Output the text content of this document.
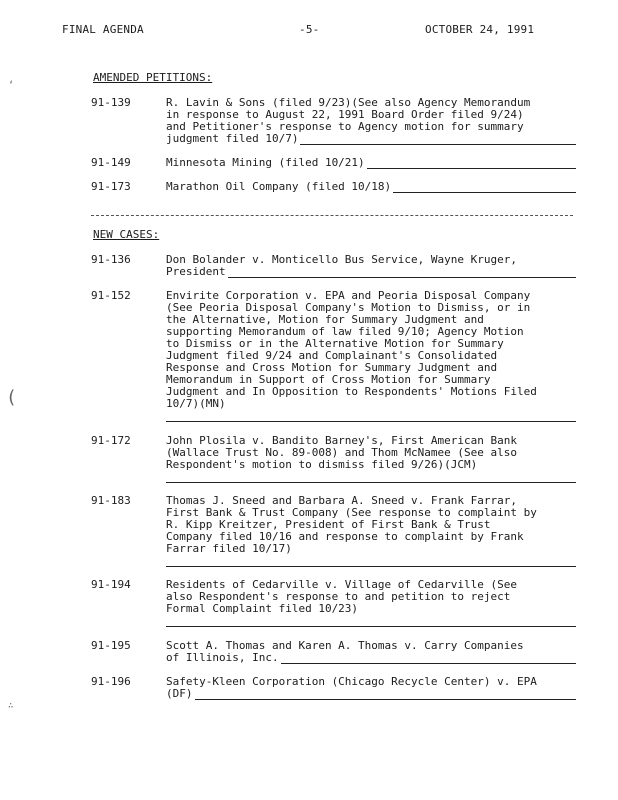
FINAL AGENDA	-5-	OCTOBER 24, 1991
‘
(
∴
AMENDED PETITIONS:
91-139	R. Lavin & Sons (filed 9/23)(See also Agency Memorandum
in response to August 22, 1991 Board Order filed 9/24)
and Petitioner's response to Agency motion for summary
judgment filed 10/7)
91-149	Minnesota Mining (filed 10/21)
91-173	Marathon Oil Company (filed 10/18)
NEW CASES:
91-136	Don Bolander v. Monticello Bus Service, Wayne Kruger,
President
91-152	Envirite Corporation v. EPA and Peoria Disposal Company
(See Peoria Disposal Company's Motion to Dismiss, or in
the Alternative, Motion for Summary Judgment and
supporting Memorandum of law filed 9/10; Agency Motion
to Dismiss or in the Alternative Motion for Summary
Judgment filed 9/24 and Complainant's Consolidated
Response and Cross Motion for Summary Judgment and
Memorandum in Support of Cross Motion for Summary
Judgment and In Opposition to Respondents' Motions Filed
10/7)(MN)
91-172	John Plosila v. Bandito Barney's, First American Bank
(Wallace Trust No. 89-008) and Thom McNamee (See also
Respondent's motion to dismiss filed 9/26)(JCM)
91-183	Thomas J. Sneed and Barbara A. Sneed v. Frank Farrar,
First Bank & Trust Company (See response to complaint by
R. Kipp Kreitzer, President of First Bank & Trust
Company filed 10/16 and response to complaint by Frank
Farrar filed 10/17)
91-194	Residents of Cedarville v. Village of Cedarville (See
also Respondent's response to and petition to reject
Formal Complaint filed 10/23)
91-195	Scott A. Thomas and Karen A. Thomas v. Carry Companies
of Illinois, Inc.
91-196	Safety-Kleen Corporation (Chicago Recycle Center) v. EPA
(DF)
